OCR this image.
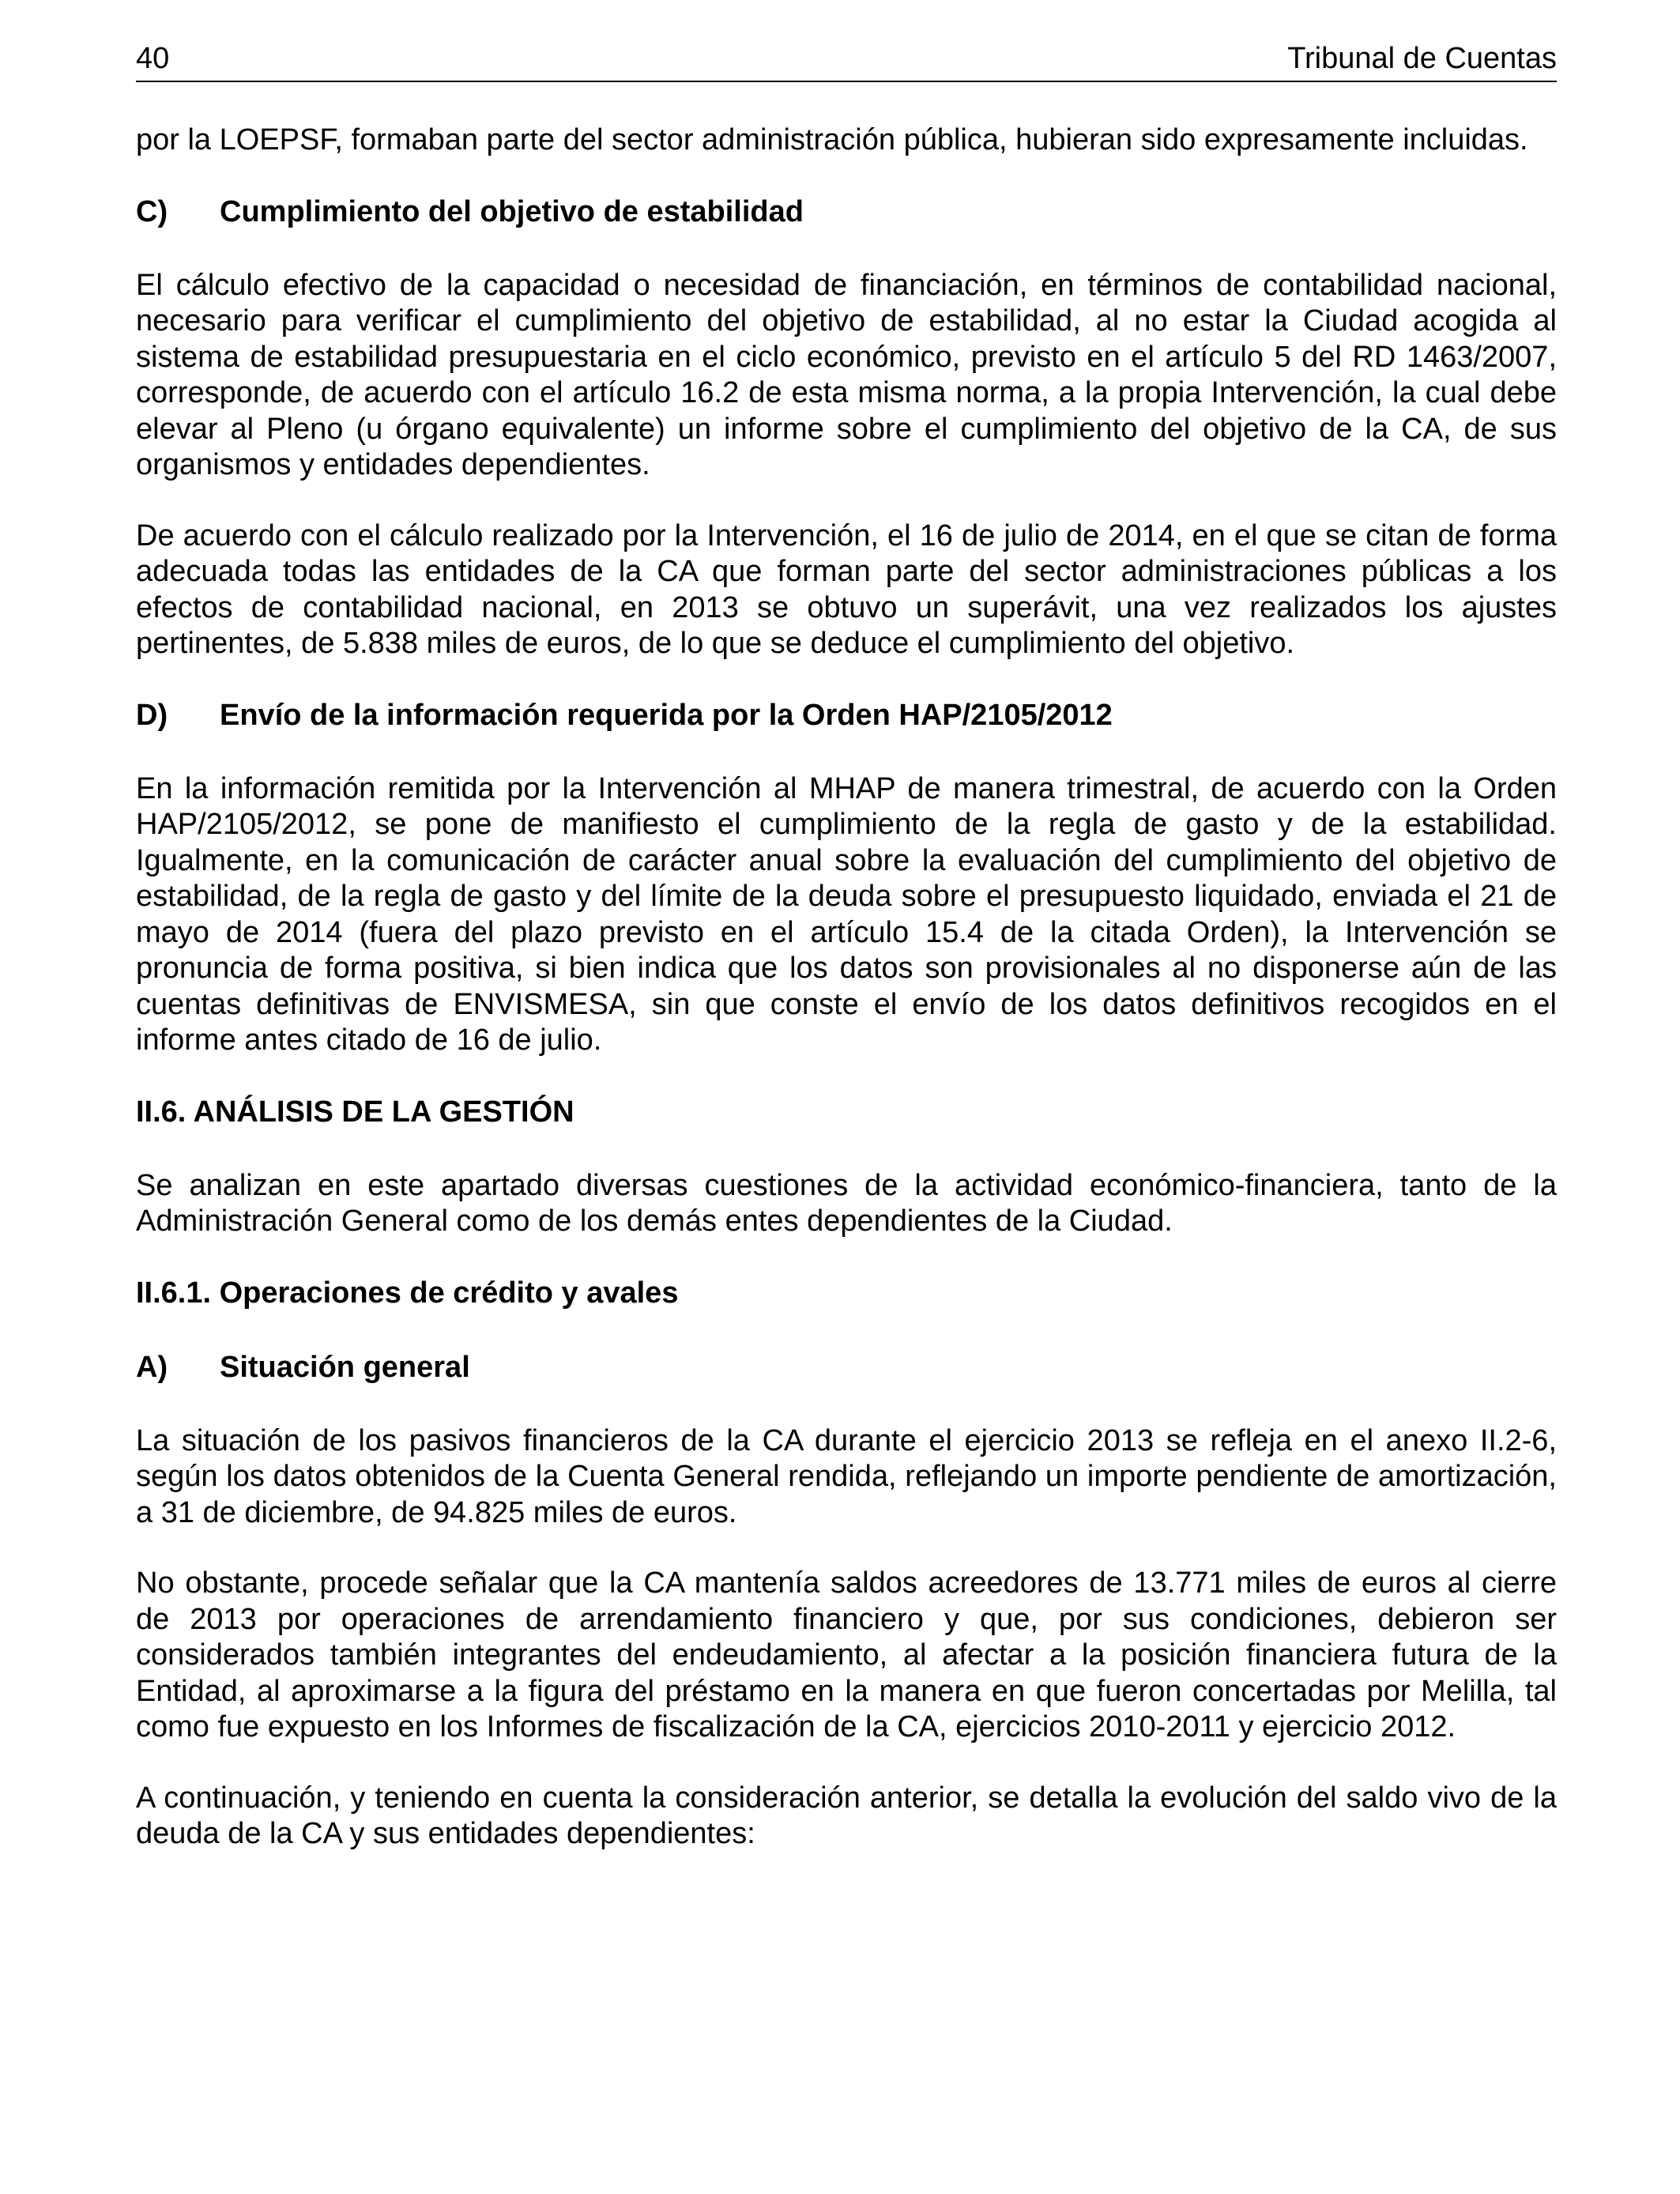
40	Tribunal de Cuentas

por la LOEPSF, formaban parte del sector administración pública, hubieran sido expresamente incluidas.

C) Cumplimiento del objetivo de estabilidad

El cálculo efectivo de la capacidad o necesidad de financiación, en términos de contabilidad nacional, necesario para verificar el cumplimiento del objetivo de estabilidad, al no estar la Ciudad acogida al sistema de estabilidad presupuestaria en el ciclo económico, previsto en el artículo 5 del RD 1463/2007, corresponde, de acuerdo con el artículo 16.2 de esta misma norma, a la propia Intervención, la cual debe elevar al Pleno (u órgano equivalente) un informe sobre el cumplimiento del objetivo de la CA, de sus organismos y entidades dependientes.

De acuerdo con el cálculo realizado por la Intervención, el 16 de julio de 2014, en el que se citan de forma adecuada todas las entidades de la CA que forman parte del sector administraciones públicas a los efectos de contabilidad nacional, en 2013 se obtuvo un superávit, una vez realizados los ajustes pertinentes, de 5.838 miles de euros, de lo que se deduce el cumplimiento del objetivo.

D) Envío de la información requerida por la Orden HAP/2105/2012

En la información remitida por la Intervención al MHAP de manera trimestral, de acuerdo con la Orden HAP/2105/2012, se pone de manifiesto el cumplimiento de la regla de gasto y de la estabilidad. Igualmente, en la comunicación de carácter anual sobre la evaluación del cumplimiento del objetivo de estabilidad, de la regla de gasto y del límite de la deuda sobre el presupuesto liquidado, enviada el 21 de mayo de 2014 (fuera del plazo previsto en el artículo 15.4 de la citada Orden), la Intervención se pronuncia de forma positiva, si bien indica que los datos son provisionales al no disponerse aún de las cuentas definitivas de ENVISMESA, sin que conste el envío de los datos definitivos recogidos en el informe antes citado de 16 de julio.

II.6. ANÁLISIS DE LA GESTIÓN

Se analizan en este apartado diversas cuestiones de la actividad económico-financiera, tanto de la Administración General como de los demás entes dependientes de la Ciudad.

II.6.1. Operaciones de crédito y avales
A) Situación general

La situación de los pasivos financieros de la CA durante el ejercicio 2013 se refleja en el anexo II.2-6, según los datos obtenidos de la Cuenta General rendida, reflejando un importe pendiente de amortización, a 31 de diciembre, de 94.825 miles de euros.

No obstante, procede señalar que la CA mantenía saldos acreedores de 13.771 miles de euros al cierre de 2013 por operaciones de arrendamiento financiero y que, por sus condiciones, debieron ser considerados también integrantes del endeudamiento, al afectar a la posición financiera futura de la Entidad, al aproximarse a la figura del préstamo en la manera en que fueron concertadas por Melilla, tal como fue expuesto en los Informes de fiscalización de la CA, ejercicios 2010-2011 y ejercicio 2012.

A continuación, y teniendo en cuenta la consideración anterior, se detalla la evolución del saldo vivo de la deuda de la CA y sus entidades dependientes:
